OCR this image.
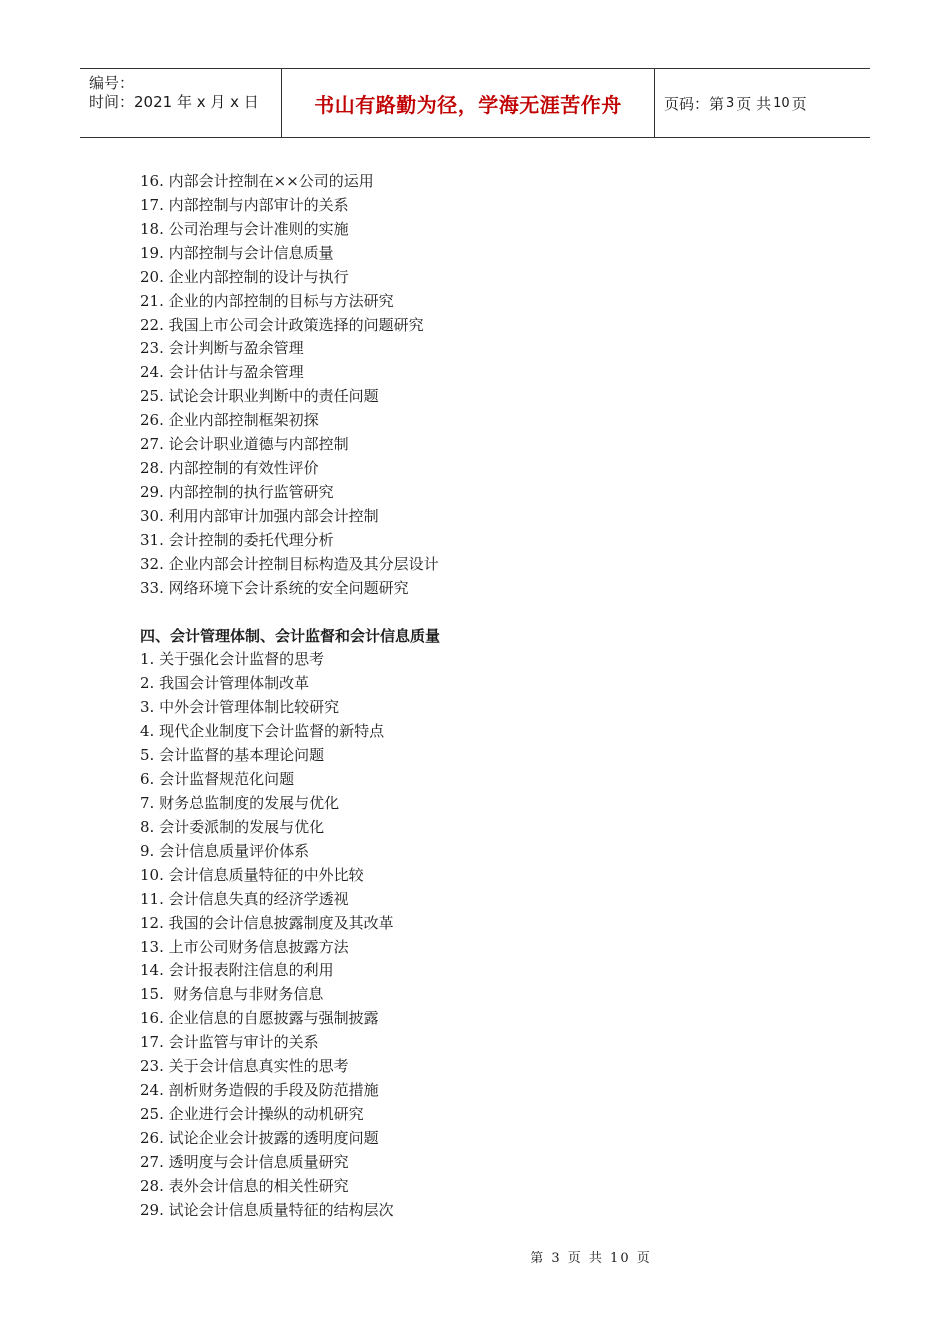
编号：
时间：2021 年 x 月 x 日	书山有路勤为径，学海无涯苦作舟	页码：第 3 页 共 10 页
16. 内部会计控制在××公司的运用
17. 内部控制与内部审计的关系
18. 公司治理与会计准则的实施
19. 内部控制与会计信息质量
20. 企业内部控制的设计与执行
21. 企业的内部控制的目标与方法研究
22. 我国上市公司会计政策选择的问题研究
23. 会计判断与盈余管理
24. 会计估计与盈余管理
25. 试论会计职业判断中的责任问题
26. 企业内部控制框架初探
27. 论会计职业道德与内部控制
28. 内部控制的有效性评价
29. 内部控制的执行监管研究
30. 利用内部审计加强内部会计控制
31. 会计控制的委托代理分析
32. 企业内部会计控制目标构造及其分层设计
33. 网络环境下会计系统的安全问题研究
四、会计管理体制、会计监督和会计信息质量
1. 关于强化会计监督的思考
2. 我国会计管理体制改革
3. 中外会计管理体制比较研究
4. 现代企业制度下会计监督的新特点
5. 会计监督的基本理论问题
6. 会计监督规范化问题
7. 财务总监制度的发展与优化
8. 会计委派制的发展与优化
9. 会计信息质量评价体系
10. 会计信息质量特征的中外比较
11. 会计信息失真的经济学透视
12. 我国的会计信息披露制度及其改革
13. 上市公司财务信息披露方法
14. 会计报表附注信息的利用
15.  财务信息与非财务信息
16. 企业信息的自愿披露与强制披露
17. 会计监管与审计的关系
23. 关于会计信息真实性的思考
24. 剖析财务造假的手段及防范措施
25. 企业进行会计操纵的动机研究
26. 试论企业会计披露的透明度问题
27. 透明度与会计信息质量研究
28. 表外会计信息的相关性研究
29. 试论会计信息质量特征的结构层次
第 3 页 共 10 页
